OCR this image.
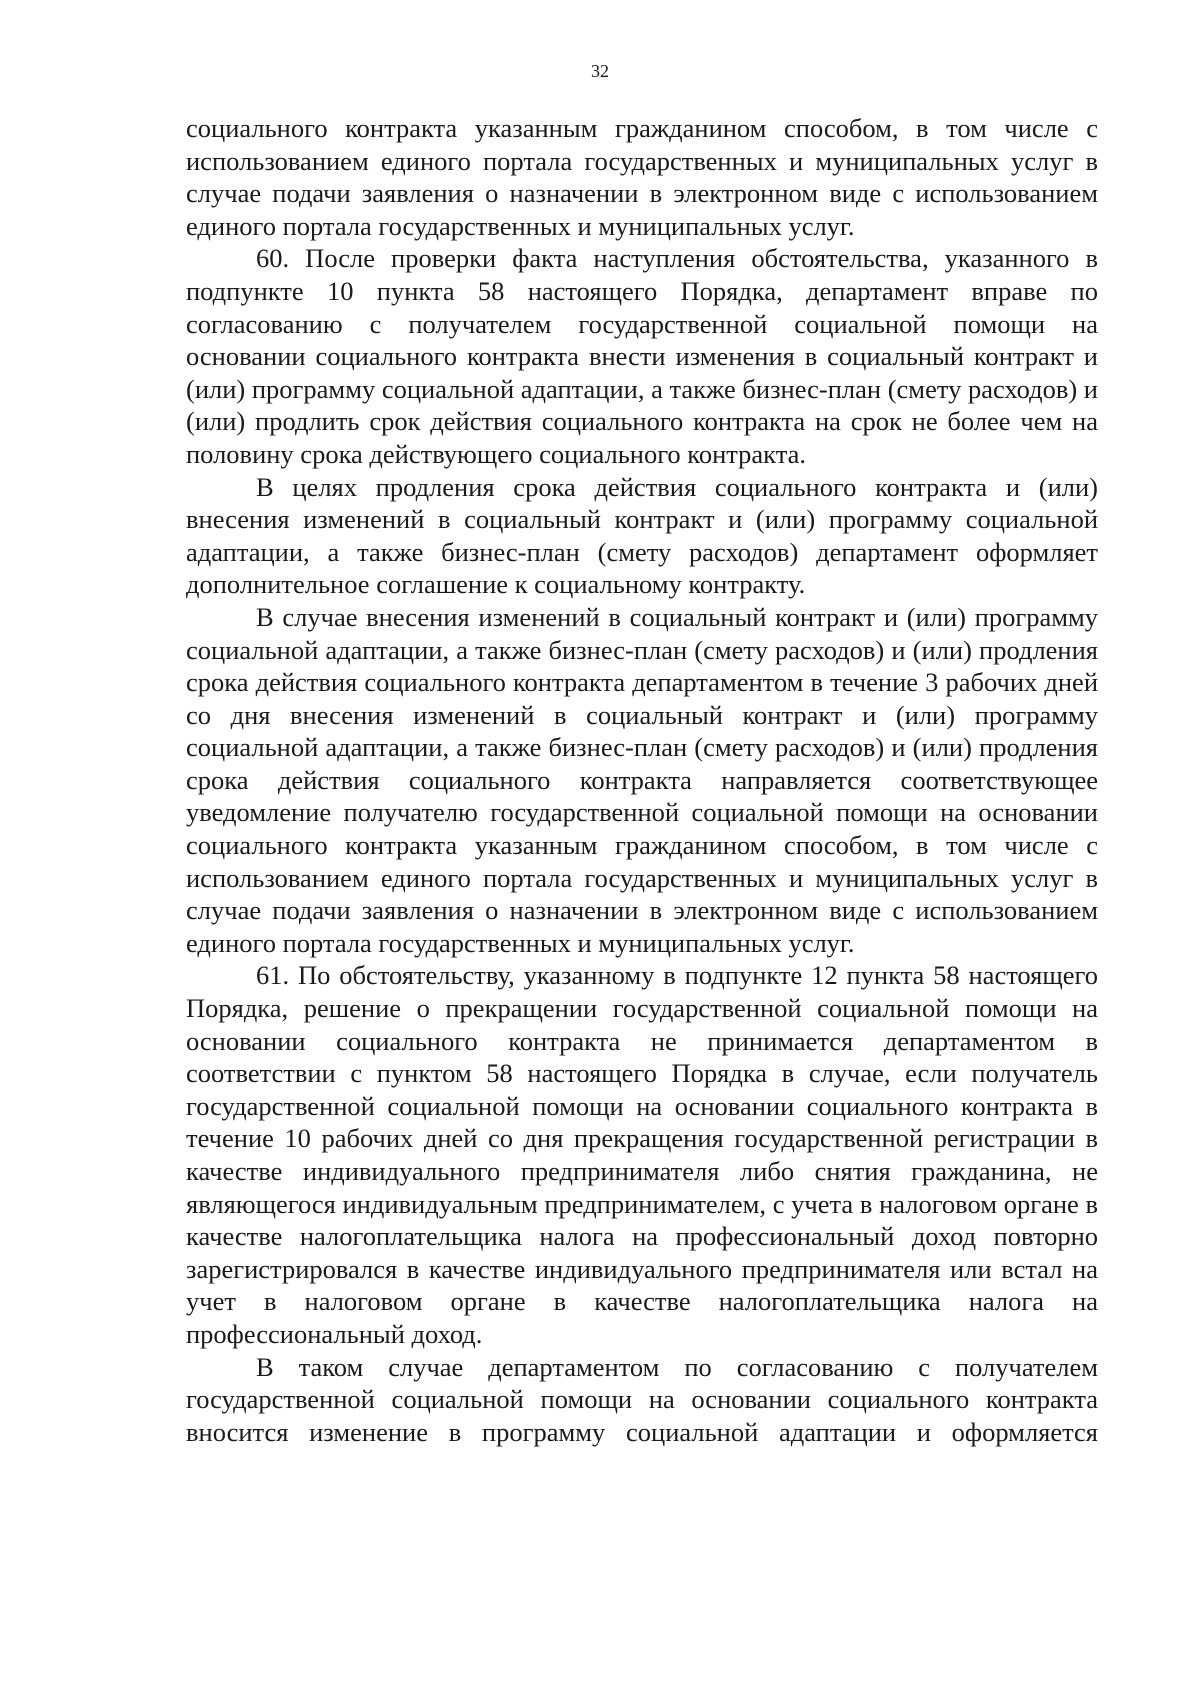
32

социального контракта указанным гражданином способом, в том числе с использованием единого портала государственных и муниципальных услуг в случае подачи заявления о назначении в электронном виде с использованием единого портала государственных и муниципальных услуг.

60. После проверки факта наступления обстоятельства, указанного в подпункте 10 пункта 58 настоящего Порядка, департамент вправе по согласованию с получателем государственной социальной помощи на основании социального контракта внести изменения в социальный контракт и (или) программу социальной адаптации, а также бизнес-план (смету расходов) и (или) продлить срок действия социального контракта на срок не более чем на половину срока действующего социального контракта.

В целях продления срока действия социального контракта и (или) внесения изменений в социальный контракт и (или) программу социальной адаптации, а также бизнес-план (смету расходов) департамент оформляет дополнительное соглашение к социальному контракту.

В случае внесения изменений в социальный контракт и (или) программу социальной адаптации, а также бизнес-план (смету расходов) и (или) продления срока действия социального контракта департаментом в течение 3 рабочих дней со дня внесения изменений в социальный контракт и (или) программу социальной адаптации, а также бизнес-план (смету расходов) и (или) продления срока действия социального контракта направляется соответствующее уведомление получателю государственной социальной помощи на основании социального контракта указанным гражданином способом, в том числе с использованием единого портала государственных и муниципальных услуг в случае подачи заявления о назначении в электронном виде с использованием единого портала государственных и муниципальных услуг.

61. По обстоятельству, указанному в подпункте 12 пункта 58 настоящего Порядка, решение о прекращении государственной социальной помощи на основании социального контракта не принимается департаментом в соответствии с пунктом 58 настоящего Порядка в случае, если получатель государственной социальной помощи на основании социального контракта в течение 10 рабочих дней со дня прекращения государственной регистрации в качестве индивидуального предпринимателя либо снятия гражданина, не являющегося индивидуальным предпринимателем, с учета в налоговом органе в качестве налогоплательщика налога на профессиональный доход повторно зарегистрировался в качестве индивидуального предпринимателя или встал на учет в налоговом органе в качестве налогоплательщика налога на профессиональный доход.

В таком случае департаментом по согласованию с получателем государственной социальной помощи на основании социального контракта вносится изменение в программу социальной адаптации и оформляется
